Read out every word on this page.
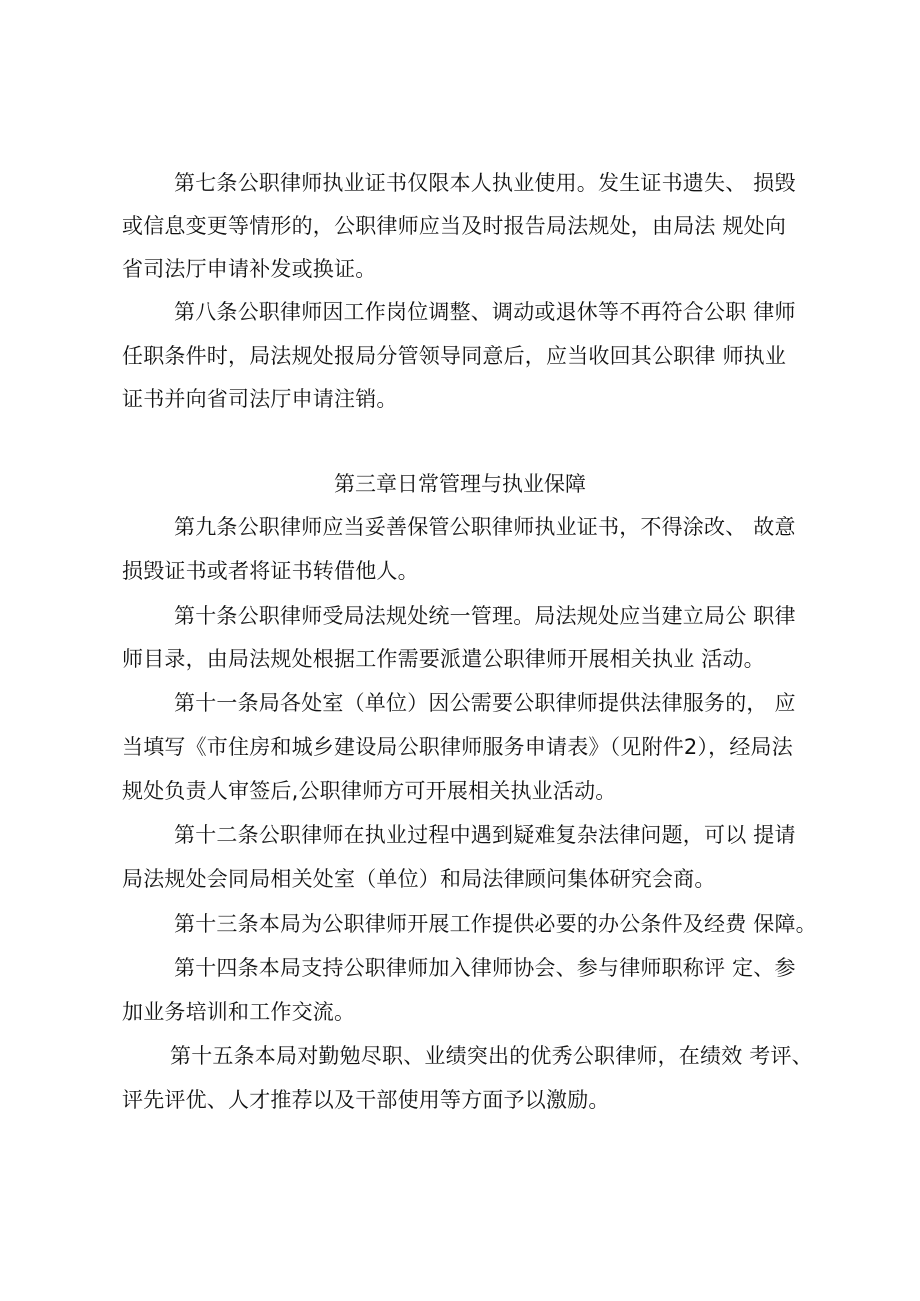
第七条公职律师执业证书仅限本人执业使用。发生证书遗失、 损毁
或信息变更等情形的，公职律师应当及时报告局法规处，由局法 规处向
省司法厅申请补发或换证。
第八条公职律师因工作岗位调整、调动或退休等不再符合公职 律师
任职条件时，局法规处报局分管领导同意后，应当收回其公职律 师执业
证书并向省司法厅申请注销。
第三章日常管理与执业保障
第九条公职律师应当妥善保管公职律师执业证书，不得涂改、 故意
损毁证书或者将证书转借他人。
第十条公职律师受局法规处统一管理。局法规处应当建立局公 职律
师目录，由局法规处根据工作需要派遣公职律师开展相关执业 活动。
第十一条局各处室（单位）因公需要公职律师提供法律服务的， 应
当填写《市住房和城乡建设局公职律师服务申请表》（见附件2），经局法
规处负责人审签后,公职律师方可开展相关执业活动。
第十二条公职律师在执业过程中遇到疑难复杂法律问题，可以 提请
局法规处会同局相关处室（单位）和局法律顾问集体研究会商。
第十三条本局为公职律师开展工作提供必要的办公条件及经费 保障。
第十四条本局支持公职律师加入律师协会、参与律师职称评 定、参
加业务培训和工作交流。
第十五条本局对勤勉尽职、业绩突出的优秀公职律师，在绩效 考评、
评先评优、人才推荐以及干部使用等方面予以激励。
